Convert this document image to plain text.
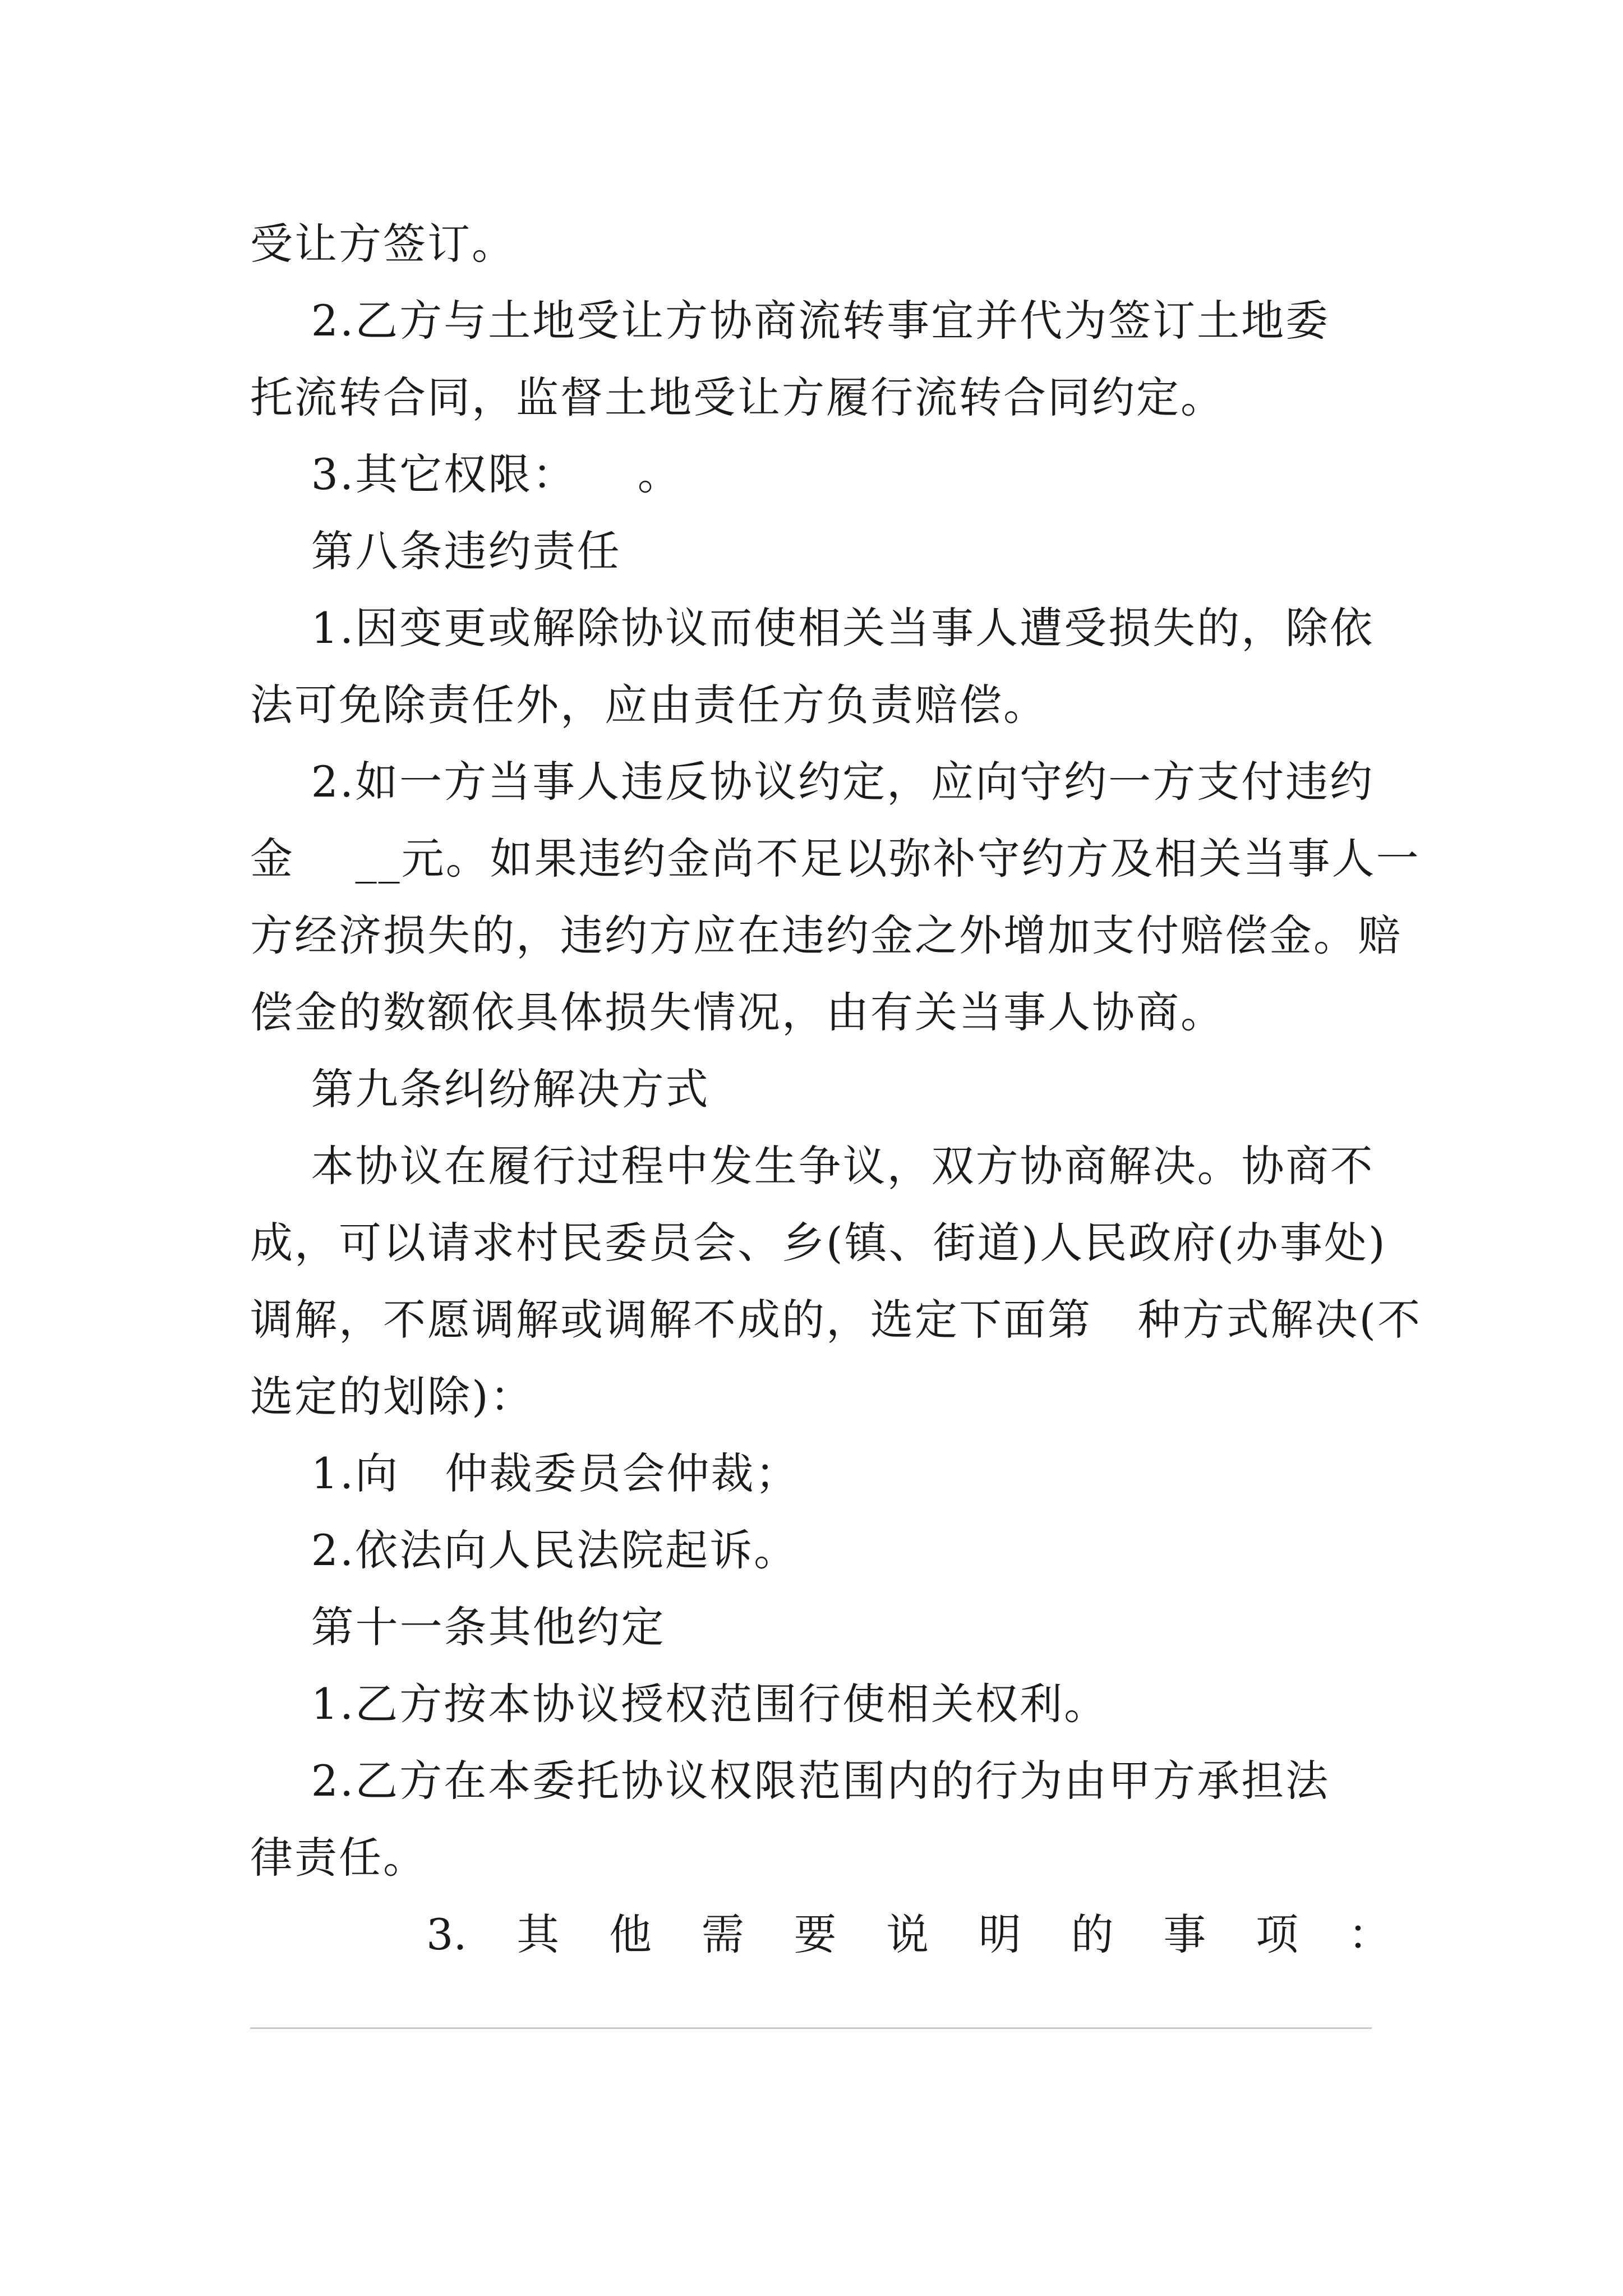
受让方签订。
2.乙方与土地受让方协商流转事宜并代为签订土地委
托流转合同，监督土地受让方履行流转合同约定。
3.其它权限：    。
第八条违约责任
1.因变更或解除协议而使相关当事人遭受损失的，除依
法可免除责任外，应由责任方负责赔偿。
2.如一方当事人违反协议约定，应向守约一方支付违约
金    __元。如果违约金尚不足以弥补守约方及相关当事人一
方经济损失的，违约方应在违约金之外增加支付赔偿金。赔
偿金的数额依具体损失情况，由有关当事人协商。
第九条纠纷解决方式
本协议在履行过程中发生争议，双方协商解决。协商不
成，可以请求村民委员会、乡(镇、街道)人民政府(办事处)
调解，不愿调解或调解不成的，选定下面第   种方式解决(不
选定的划除)：
1.向   仲裁委员会仲裁；
2.依法向人民法院起诉。
第十一条其他约定
1.乙方按本协议授权范围行使相关权利。
2.乙方在本委托协议权限范围内的行为由甲方承担法
律责任。
3. 其 他 需 要 说 明 的 事 项 ：
